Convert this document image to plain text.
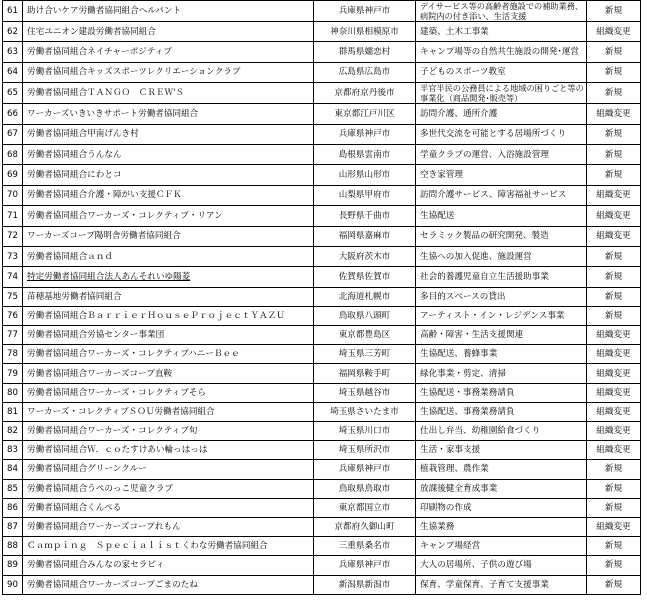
61	助け合いケア労働者協同組合ヘルパント	兵庫県神戸市	デイサービス等の高齢者施設での補助業務、病院内の付き添い、生活支援	新規
62	住宅ユニオン建設労働者協同組合	神奈川県相模原市	建築、土木工事業	組織変更
63	労働者協同組合ネイチャーポジティブ	群馬県嬬恋村	キャンプ場等の自然共生施設の開発･運営	新規
64	労働者協同組合キッズスポーツレクリエーションクラブ	広島県広島市	子どものスポーツ教室	新規
65	労働者協同組合ＴＡＮＧＯ　ＣＲＥＷ'Ｓ	京都府京丹後市	半官半民の公務員による地域の困りごと等の事業化（商品開発･販売等）	新規
66	ワーカーズいきいきサポート労働者協同組合	東京都江戸川区	訪問介護、通所介護	組織変更
67	労働者協同組合甲南げんき村	兵庫県神戸市	多世代交流を可能とする居場所づくり	新規
68	労働者協同組合うんなん	島根県雲南市	学童クラブの運営、入浴施設管理	新規
69	労働者協同組合にわとコ	山形県山形市	空き家管理	新規
70	労働者協同組合介護・障がい支援ＣＦＫ	山梨県甲府市	訪問介護サービス、障害福祉サービス	組織変更
71	労働者協同組合ワーカーズ・コレクティブ・リアン	長野県千曲市	生協配送	組織変更
72	ワーカーズコープ陽明舎労働者協同組合	福岡県嘉麻市	セラミック製品の研究開発、製造	組織変更
73	労働者協同組合ａｎｄ	大阪府茨木市	生協への加入促進、施設運営	新規
74	特定労働者協同組合法人あんそれいゆ陽菱	佐賀県佐賀市	社会的養護児童自立生活援助事業	新規
75	苗穂基地労働者協同組合	北海道札幌市	多目的スペースの貸出	新規
76	労働者協同組合ＢａｒｒｉｅｒＨｏｕｓｅＰｒｏｊｅｃｔＹＡＺＵ	鳥取県八頭町	アーティスト・イン・レジデンス事業	新規
77	労働者協同組合労協センター事業団	東京都豊島区	高齢・障害・生活支援関連	組織変更
78	労働者協同組合ワーカーズ・コレクティブハニーＢｅｅ	埼玉県三芳町	生協配送、養蜂事業	組織変更
79	労働者協同組合ワーカーズコープ直鞍	福岡県鞍手町	緑化事業・剪定、清掃	組織変更
80	労働者協同組合ワーカーズ・コレクティブそら	埼玉県越谷市	生協配送・事務業務請負	組織変更
81	ワーカーズ・コレクティブＳＯＵ労働者協同組合	埼玉県さいたま市	生協配送、事務業務請負	組織変更
82	労働者協同組合ワーカーズ・コレクティブ旬	埼玉県川口市	仕出し弁当、幼稚園給食づくり	組織変更
83	労働者協同組合Ｗ．ｃｏたすけあい輪っはっは	埼玉県所沢市	生活・家事支援	組織変更
84	労働者協同組合グリーンクルー	兵庫県神戸市	植栽管理、農作業	新規
85	労働者協同組合うぺのっこ児童クラブ	鳥取県鳥取市	放課後健全育成事業	新規
86	労働者協同組合くんぺる	東京都国立市	印刷物の作成	新規
87	労働者協同組合ワーカーズコープれもん	京都府久御山町	生協業務	組織変更
88	Ｃａｍｐｉｎｇ　Ｓｐｅｃｉａｌｉｓｔくわな労働者協同組合	三重県桑名市	キャンプ場経営	新規
89	労働者協同組合みんなの家セラピィ	兵庫県神戸市	大人の居場所、子供の遊び場	新規
90	労働者協同組合ワーカーズコープごまのたね	新潟県新潟市	保育、学童保育、子育て支援事業	新規
